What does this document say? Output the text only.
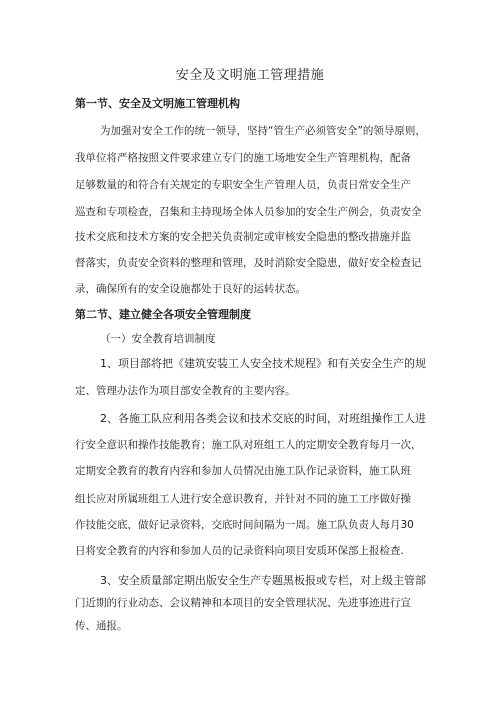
安全及文明施工管理措施
第一节、安全及文明施工管理机构
为加强对安全工作的统一领导，坚持“管生产必须管安全”的领导原则，
我单位将严格按照文件要求建立专门的施工场地安全生产管理机构，配备
足够数量的和符合有关规定的专职安全生产管理人员，负责日常安全生产
巡查和专项检查，召集和主持现场全体人员参加的安全生产例会，负责安全
技术交底和技术方案的安全把关负责制定或审核安全隐患的整改措施并监
督落实，负责安全资料的整理和管理，及时消除安全隐患，做好安全检查记
录，确保所有的安全设施都处于良好的运转状态。
第二节、建立健全各项安全管理制度
（一）安全教育培训制度
1、项目部将把《建筑安装工人安全技术规程》和有关安全生产的规
定、管理办法作为项目部安全教育的主要内容。
2、各施工队应利用各类会议和技术交底的时间，对班组操作工人进
行安全意识和操作技能教育；施工队对班组工人的定期安全教育每月一次，
定期安全教育的教育内容和参加人员情况由施工队作记录资料，施工队班
组长应对所属班组工人进行安全意识教育，并针对不同的施工工序做好操
作技能交底，做好记录资料，交底时间间隔为一周。施工队负责人每月30
日将安全教育的内容和参加人员的记录资料向项目安质环保部上报检查.
3、安全质量部定期出版安全生产专题黑板报或专栏，对上级主管部
门近期的行业动态、会议精神和本项目的安全管理状况、先进事迹进行宣
传、通报。
